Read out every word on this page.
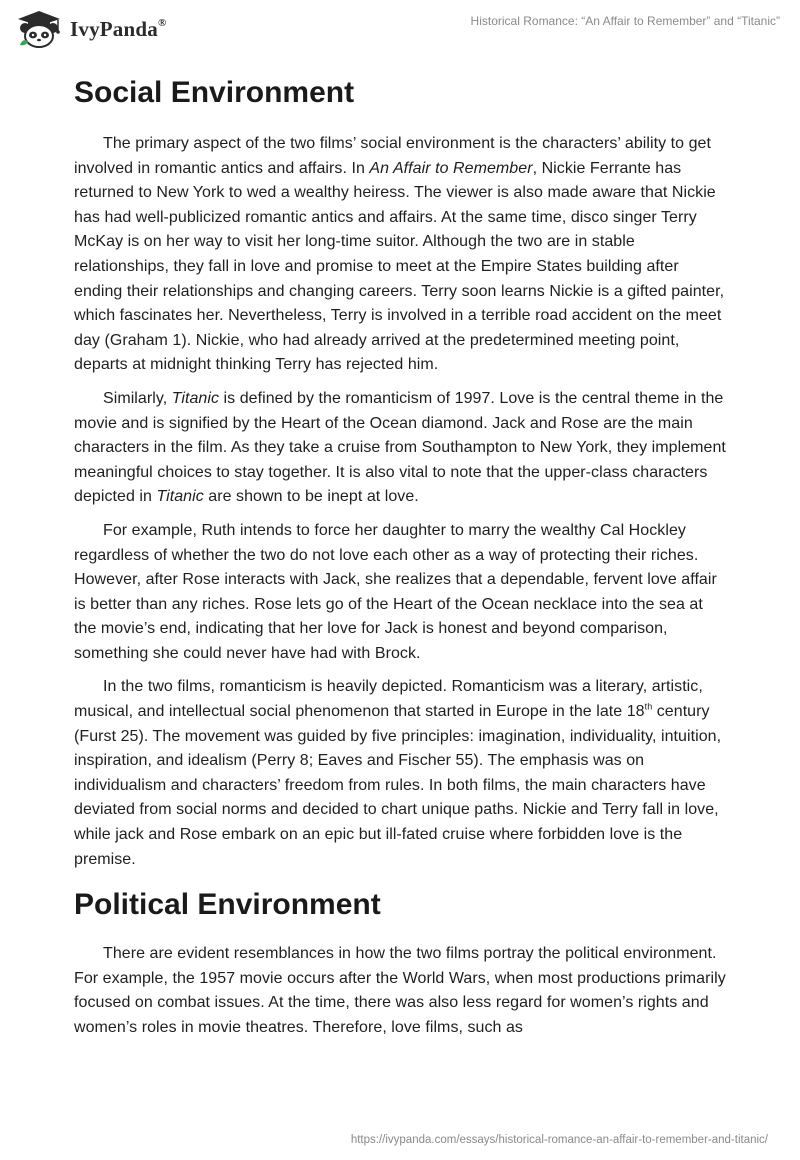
IvyPanda®	Historical Romance: “An Affair to Remember” and “Titanic”
Social Environment

The primary aspect of the two films’ social environment is the characters’ ability to get involved in romantic antics and affairs. In An Affair to Remember, Nickie Ferrante has returned to New York to wed a wealthy heiress. The viewer is also made aware that Nickie has had well-publicized romantic antics and affairs. At the same time, disco singer Terry McKay is on her way to visit her long-time suitor. Although the two are in stable relationships, they fall in love and promise to meet at the Empire States building after ending their relationships and changing careers. Terry soon learns Nickie is a gifted painter, which fascinates her. Nevertheless, Terry is involved in a terrible road accident on the meet day (Graham 1). Nickie, who had already arrived at the predetermined meeting point, departs at midnight thinking Terry has rejected him.

Similarly, Titanic is defined by the romanticism of 1997. Love is the central theme in the movie and is signified by the Heart of the Ocean diamond. Jack and Rose are the main characters in the film. As they take a cruise from Southampton to New York, they implement meaningful choices to stay together. It is also vital to note that the upper-class characters depicted in Titanic are shown to be inept at love.

For example, Ruth intends to force her daughter to marry the wealthy Cal Hockley regardless of whether the two do not love each other as a way of protecting their riches. However, after Rose interacts with Jack, she realizes that a dependable, fervent love affair is better than any riches. Rose lets go of the Heart of the Ocean necklace into the sea at the movie’s end, indicating that her love for Jack is honest and beyond comparison, something she could never have had with Brock.

In the two films, romanticism is heavily depicted. Romanticism was a literary, artistic, musical, and intellectual social phenomenon that started in Europe in the late 18th century (Furst 25). The movement was guided by five principles: imagination, individuality, intuition, inspiration, and idealism (Perry 8; Eaves and Fischer 55). The emphasis was on individualism and characters’ freedom from rules. In both films, the main characters have deviated from social norms and decided to chart unique paths. Nickie and Terry fall in love, while jack and Rose embark on an epic but ill-fated cruise where forbidden love is the premise.

Political Environment

There are evident resemblances in how the two films portray the political environment. For example, the 1957 movie occurs after the World Wars, when most productions primarily focused on combat issues. At the time, there was also less regard for women’s rights and women’s roles in movie theatres. Therefore, love films, such as

https://ivypanda.com/essays/historical-romance-an-affair-to-remember-and-titanic/
